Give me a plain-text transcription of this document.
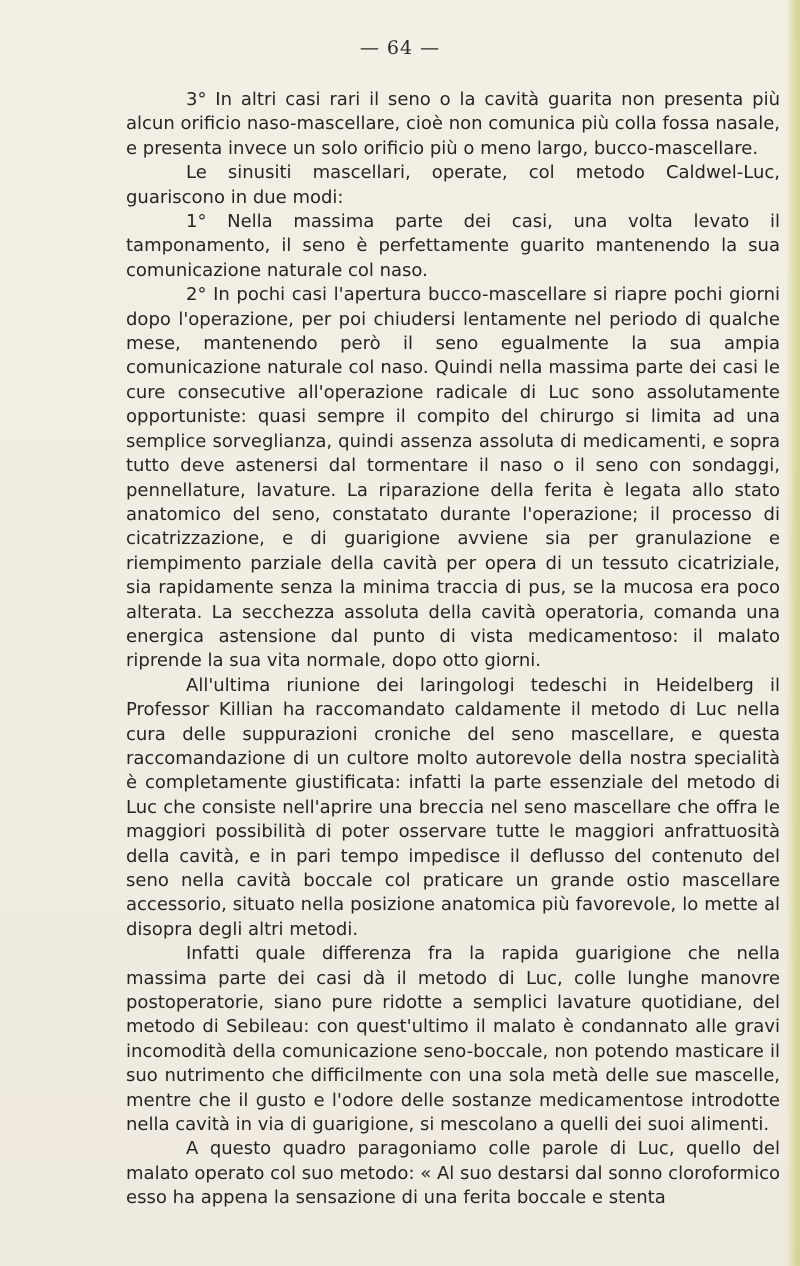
— 64 —

3° In altri casi rari il seno o la cavità guarita non presenta più alcun orificio naso-mascellare, cioè non comunica più colla fossa nasale, e presenta invece un solo orificio più o meno largo, bucco-mascellare.

Le sinusiti mascellari, operate, col metodo Caldwel-Luc, guariscono in due modi:

1° Nella massima parte dei casi, una volta levato il tamponamento, il seno è perfettamente guarito mantenendo la sua comunicazione naturale col naso.

2° In pochi casi l'apertura bucco-mascellare si riapre pochi giorni dopo l'operazione, per poi chiudersi lentamente nel periodo di qualche mese, mantenendo però il seno egualmente la sua ampia comunicazione naturale col naso. Quindi nella massima parte dei casi le cure consecutive all'operazione radicale di Luc sono assolutamente opportuniste: quasi sempre il compito del chirurgo si limita ad una semplice sorveglianza, quindi assenza assoluta di medicamenti, e sopra tutto deve astenersi dal tormentare il naso o il seno con sondaggi, pennellature, lavature. La riparazione della ferita è legata allo stato anatomico del seno, constatato durante l'operazione; il processo di cicatrizzazione, e di guarigione avviene sia per granulazione e riempimento parziale della cavità per opera di un tessuto cicatriziale, sia rapidamente senza la minima traccia di pus, se la mucosa era poco alterata. La secchezza assoluta della cavità operatoria, comanda una energica astensione dal punto di vista medicamentoso: il malato riprende la sua vita normale, dopo otto giorni.

All'ultima riunione dei laringologi tedeschi in Heidelberg il Professor Killian ha raccomandato caldamente il metodo di Luc nella cura delle suppurazioni croniche del seno mascellare, e questa raccomandazione di un cultore molto autorevole della nostra specialità è completamente giustificata: infatti la parte essenziale del metodo di Luc che consiste nell'aprire una breccia nel seno mascellare che offra le maggiori possibilità di poter osservare tutte le maggiori anfrattuosità della cavità, e in pari tempo impedisce il deflusso del contenuto del seno nella cavità boccale col praticare un grande ostio mascellare accessorio, situato nella posizione anatomica più favorevole, lo mette al disopra degli altri metodi.

Infatti quale differenza fra la rapida guarigione che nella massima parte dei casi dà il metodo di Luc, colle lunghe manovre postoperatorie, siano pure ridotte a semplici lavature quotidiane, del metodo di Sebileau: con quest'ultimo il malato è condannato alle gravi incomodità della comunicazione seno-boccale, non potendo masticare il suo nutrimento che difficilmente con una sola metà delle sue mascelle, mentre che il gusto e l'odore delle sostanze medicamentose introdotte nella cavità in via di guarigione, si mescolano a quelli dei suoi alimenti.

A questo quadro paragoniamo colle parole di Luc, quello del malato operato col suo metodo: « Al suo destarsi dal sonno cloroformico esso ha appena la sensazione di una ferita boccale e stenta
